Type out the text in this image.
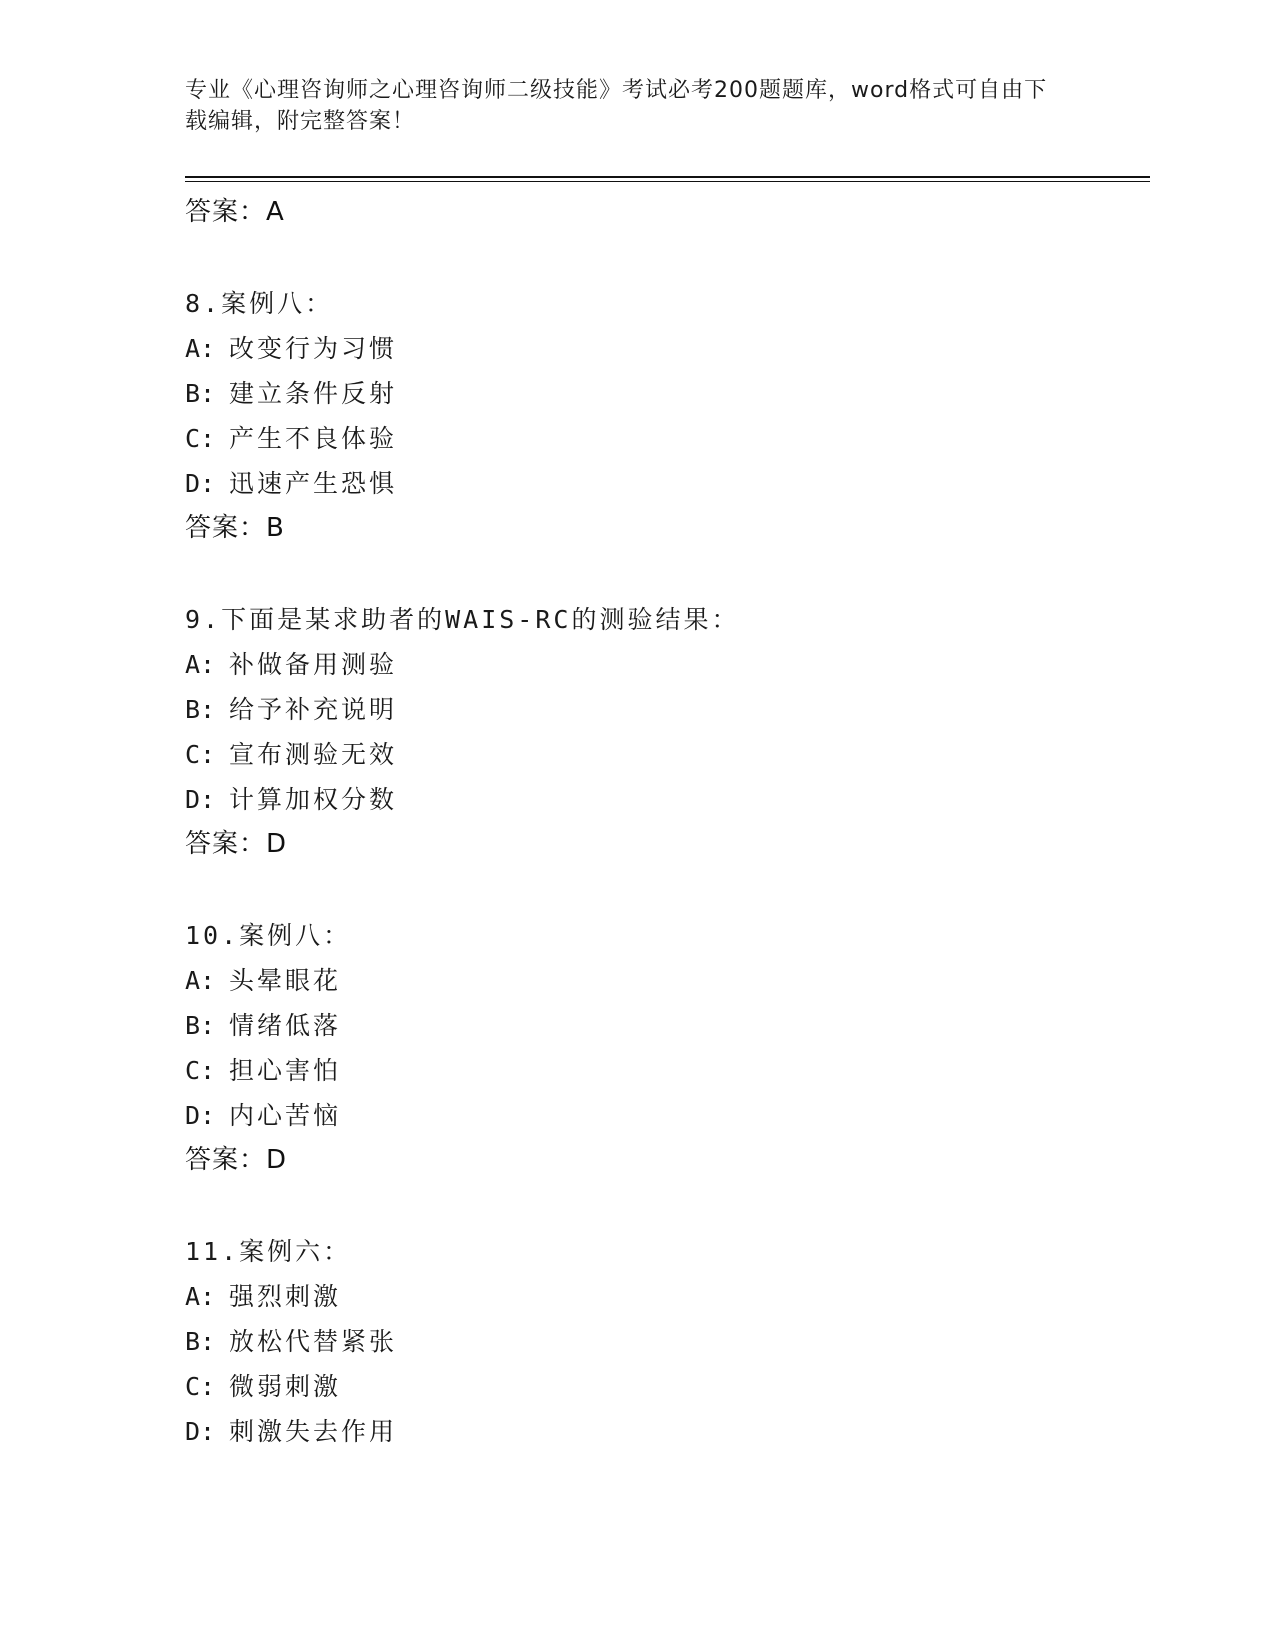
专业《心理咨询师之心理咨询师二级技能》考试必考200题题库，word格式可自由下载编辑，附完整答案！
答案：A
8.案例八：
A: 改变行为习惯
B: 建立条件反射
C: 产生不良体验
D: 迅速产生恐惧
答案：B
9.下面是某求助者的WAIS-RC的测验结果：
A: 补做备用测验
B: 给予补充说明
C: 宣布测验无效
D: 计算加权分数
答案：D
10.案例八：
A: 头晕眼花
B: 情绪低落
C: 担心害怕
D: 内心苦恼
答案：D
11.案例六：
A: 强烈刺激
B: 放松代替紧张
C: 微弱刺激
D: 刺激失去作用
